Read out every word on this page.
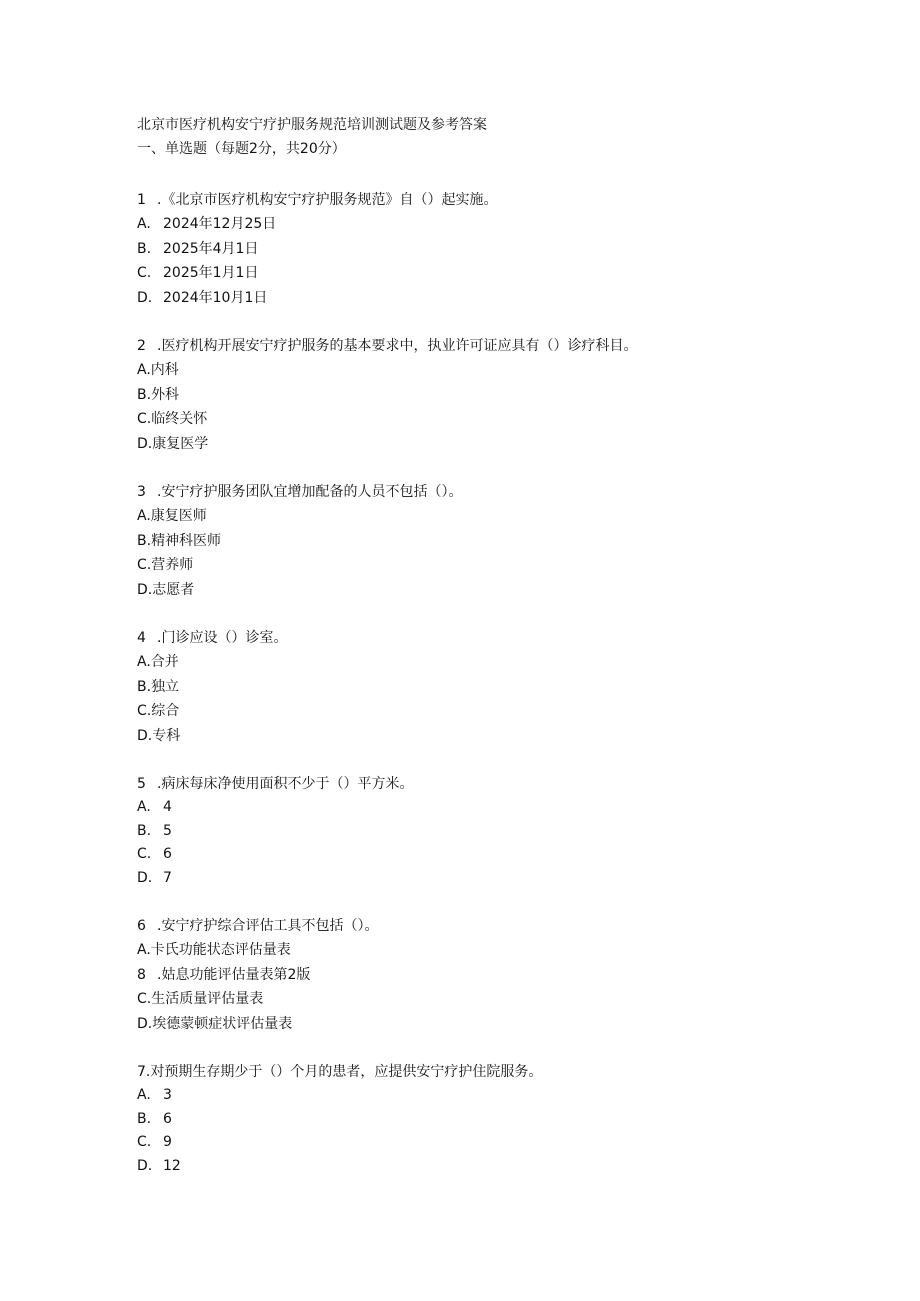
北京市医疗机构安宁疗护服务规范培训测试题及参考答案
一、单选题（每题2分，共20分）
1 .《北京市医疗机构安宁疗护服务规范》自（）起实施。
A. 2024年12月25日
B. 2025年4月1日
C. 2025年1月1日
D. 2024年10月1日
2 .医疗机构开展安宁疗护服务的基本要求中，执业许可证应具有（）诊疗科目。
A.内科
B.外科
C.临终关怀
D.康复医学
3 .安宁疗护服务团队宜增加配备的人员不包括（）。
A.康复医师
B.精神科医师
C.营养师
D.志愿者
4 .门诊应设（）诊室。
A.合并
B.独立
C.综合
D.专科
5 .病床每床净使用面积不少于（）平方米。
A. 4
B. 5
C. 6
D. 7
6 .安宁疗护综合评估工具不包括（）。
A.卡氏功能状态评估量表
8 .姑息功能评估量表第2版
C.生活质量评估量表
D.埃德蒙顿症状评估量表
7.对预期生存期少于（）个月的患者，应提供安宁疗护住院服务。
A. 3
B. 6
C. 9
D. 12
